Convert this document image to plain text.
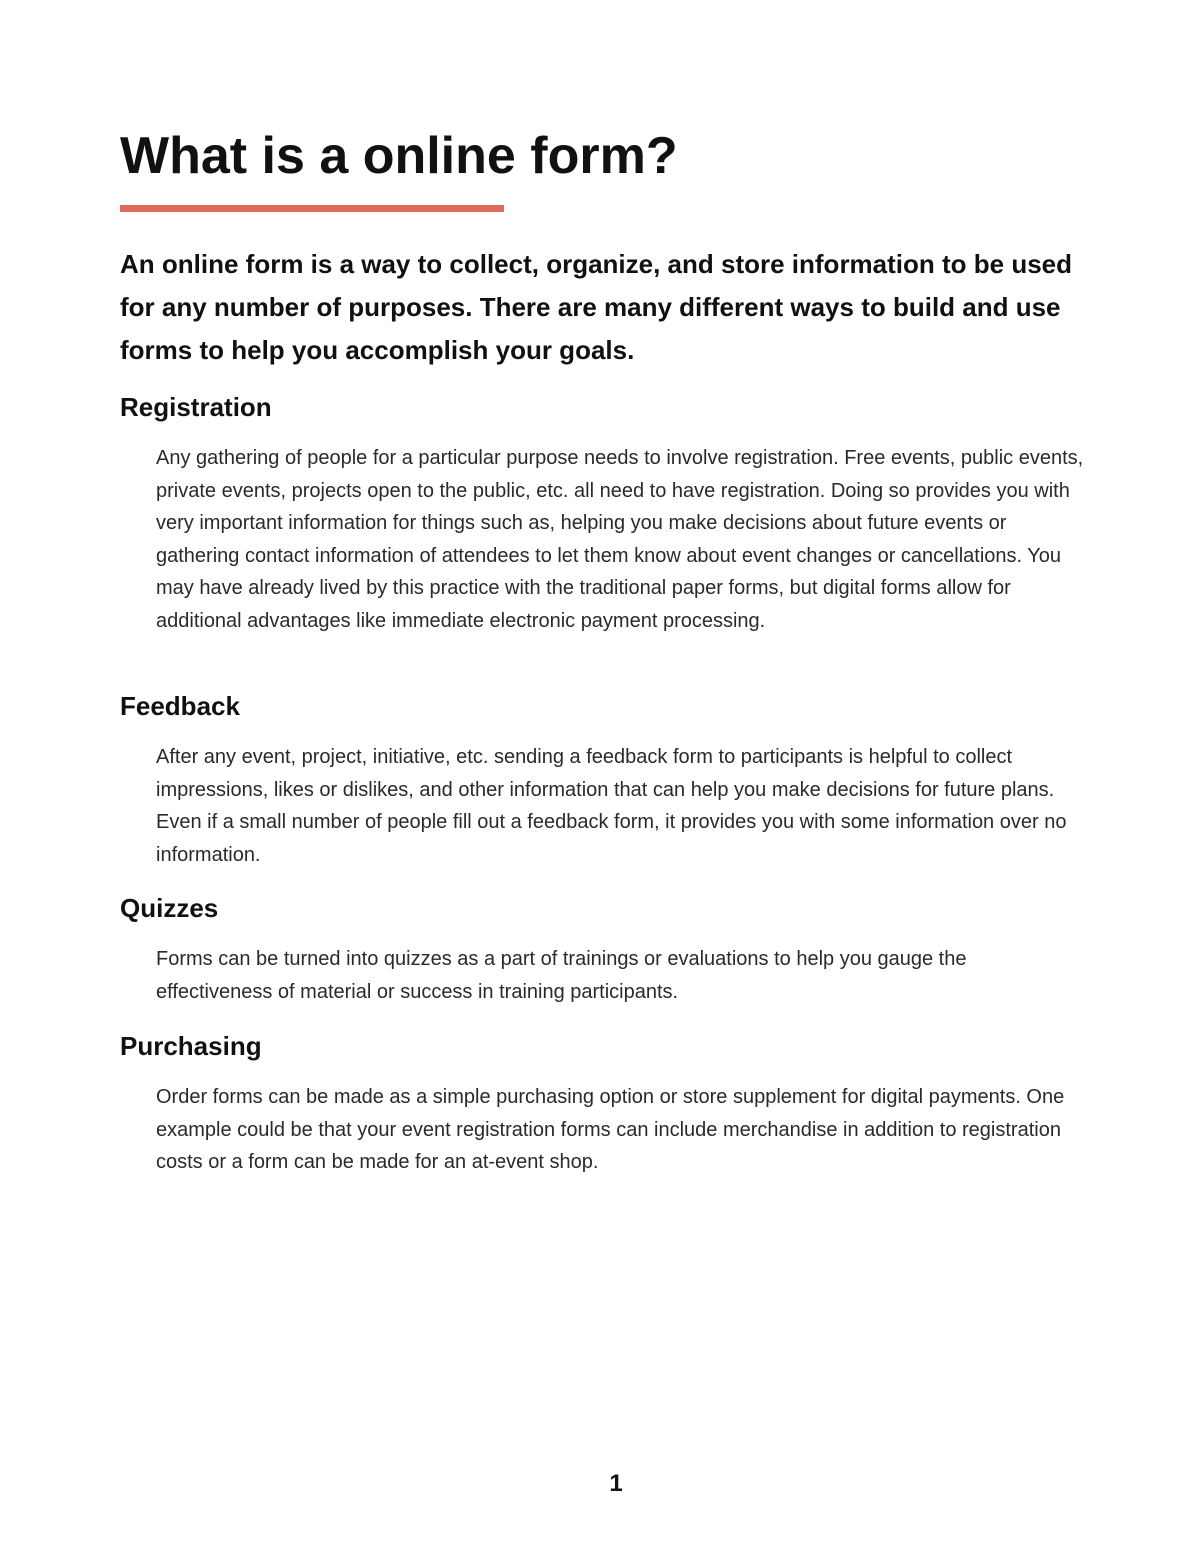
What is a online form?

An online form is a way to collect, organize, and store information to be used for any number of purposes. There are many different ways to build and use forms to help you accomplish your goals.

Registration

Any gathering of people for a particular purpose needs to involve registration. Free events, public events, private events, projects open to the public, etc. all need to have registration. Doing so provides you with very important information for things such as, helping you make decisions about future events or gathering contact information of attendees to let them know about event changes or cancellations. You may have already lived by this practice with the traditional paper forms, but digital forms allow for additional advantages like immediate electronic payment processing.

Feedback

After any event, project, initiative, etc. sending a feedback form to participants is helpful to collect impressions, likes or dislikes, and other information that can help you make decisions for future plans. Even if a small number of people fill out a feedback form, it provides you with some information over no information.

Quizzes

Forms can be turned into quizzes as a part of trainings or evaluations to help you gauge the effectiveness of material or success in training participants.

Purchasing

Order forms can be made as a simple purchasing option or store supplement for digital payments. One example could be that your event registration forms can include merchandise in addition to registration costs or a form can be made for an at-event shop.

1
